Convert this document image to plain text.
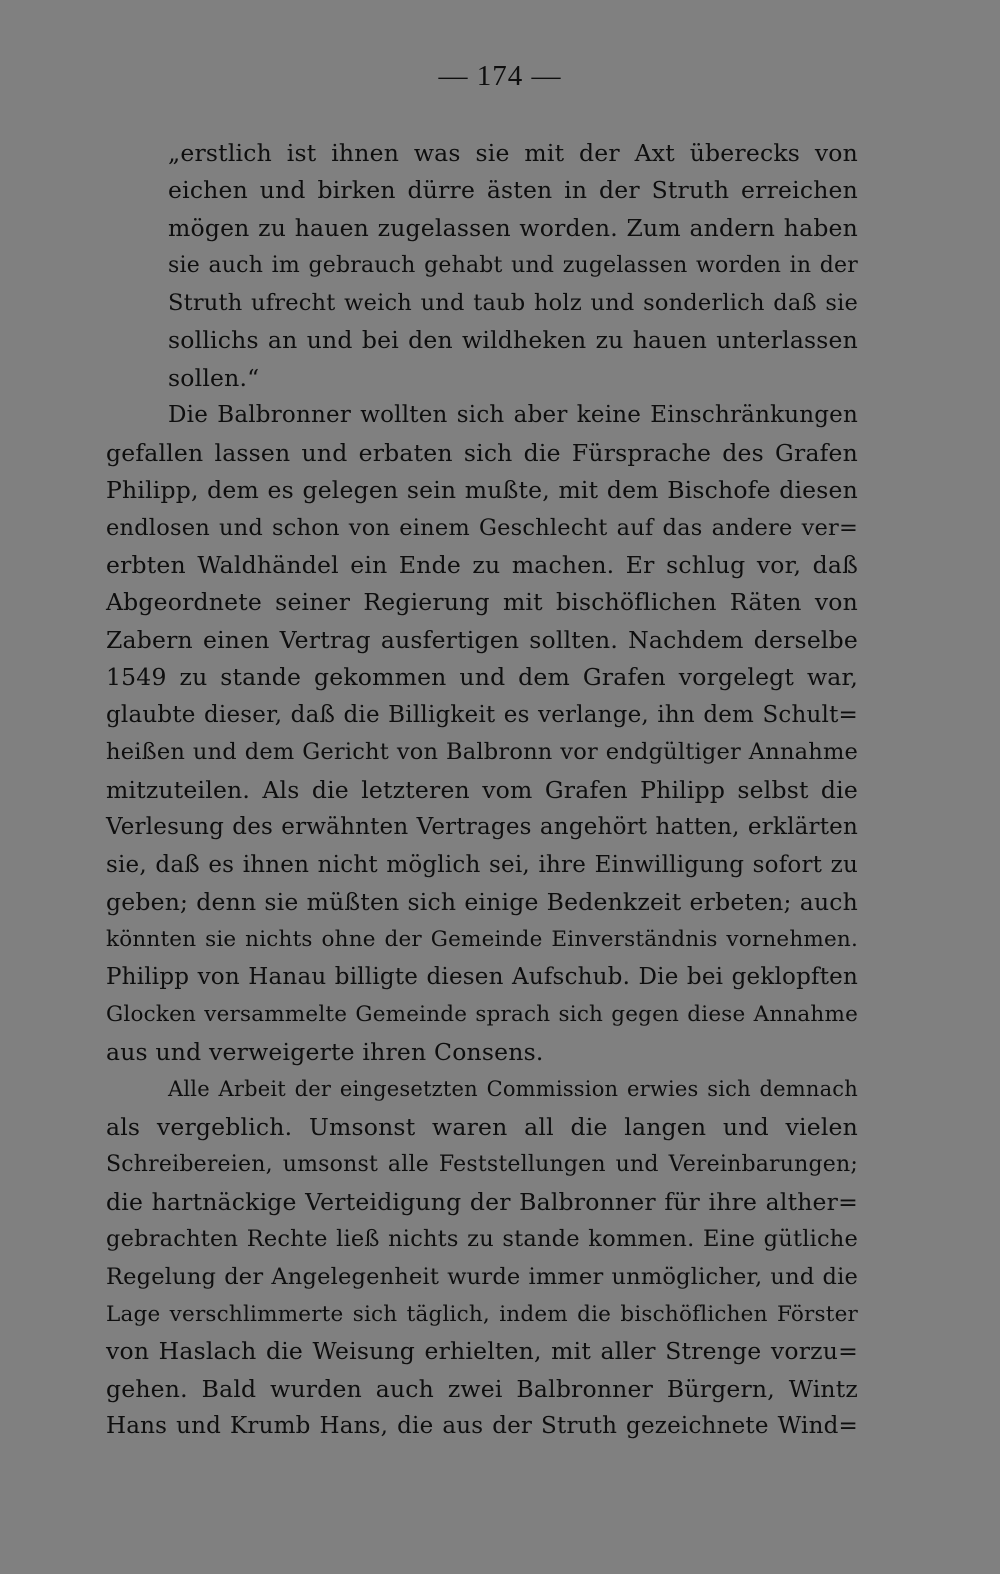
— 174 —
„erstlich ist ihnen was sie mit der Axt überecks von
eichen und birken dürre ästen in der Struth erreichen
mögen zu hauen zugelassen worden. Zum andern haben
sie auch im gebrauch gehabt und zugelassen worden in der
Struth ufrecht weich und taub holz und sonderlich daß sie
sollichs an und bei den wildheken zu hauen unterlassen
sollen.“
Die Balbronner wollten sich aber keine Einschränkungen
gefallen lassen und erbaten sich die Fürsprache des Grafen
Philipp, dem es gelegen sein mußte, mit dem Bischofe diesen
endlosen und schon von einem Geschlecht auf das andere ver=
erbten Waldhändel ein Ende zu machen. Er schlug vor, daß
Abgeordnete seiner Regierung mit bischöflichen Räten von
Zabern einen Vertrag ausfertigen sollten. Nachdem derselbe
1549 zu stande gekommen und dem Grafen vorgelegt war,
glaubte dieser, daß die Billigkeit es verlange, ihn dem Schult=
heißen und dem Gericht von Balbronn vor endgültiger Annahme
mitzuteilen. Als die letzteren vom Grafen Philipp selbst die
Verlesung des erwähnten Vertrages angehört hatten, erklärten
sie, daß es ihnen nicht möglich sei, ihre Einwilligung sofort zu
geben; denn sie müßten sich einige Bedenkzeit erbeten; auch
könnten sie nichts ohne der Gemeinde Einverständnis vornehmen.
Philipp von Hanau billigte diesen Aufschub. Die bei geklopften
Glocken versammelte Gemeinde sprach sich gegen diese Annahme
aus und verweigerte ihren Consens.
Alle Arbeit der eingesetzten Commission erwies sich demnach
als vergeblich. Umsonst waren all die langen und vielen
Schreibereien, umsonst alle Feststellungen und Vereinbarungen;
die hartnäckige Verteidigung der Balbronner für ihre alther=
gebrachten Rechte ließ nichts zu stande kommen. Eine gütliche
Regelung der Angelegenheit wurde immer unmöglicher, und die
Lage verschlimmerte sich täglich, indem die bischöflichen Förster
von Haslach die Weisung erhielten, mit aller Strenge vorzu=
gehen. Bald wurden auch zwei Balbronner Bürgern, Wintz
Hans und Krumb Hans, die aus der Struth gezeichnete Wind=
